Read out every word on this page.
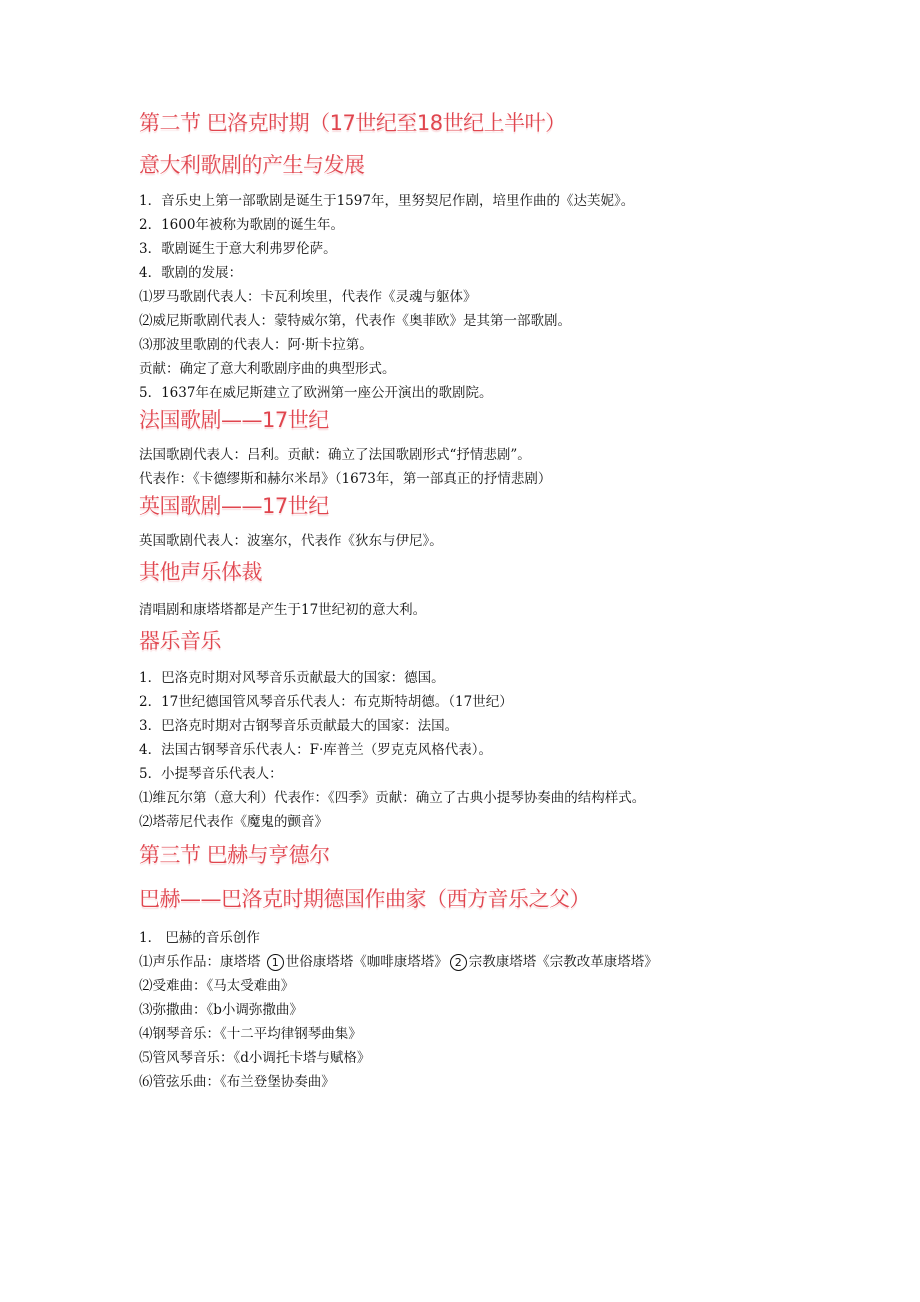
第二节 巴洛克时期（17世纪至18世纪上半叶）
意大利歌剧的产生与发展
1．音乐史上第一部歌剧是诞生于1597年，里努契尼作剧，培里作曲的《达芙妮》。
2．1600年被称为歌剧的诞生年。
3．歌剧诞生于意大利弗罗伦萨。
4．歌剧的发展：
⑴罗马歌剧代表人：卡瓦利埃里，代表作《灵魂与躯体》
⑵威尼斯歌剧代表人：蒙特威尔第，代表作《奥菲欧》是其第一部歌剧。
⑶那波里歌剧的代表人：阿·斯卡拉第。
贡献：确定了意大利歌剧序曲的典型形式。
5．1637年在威尼斯建立了欧洲第一座公开演出的歌剧院。
法国歌剧——17世纪
法国歌剧代表人：吕利。贡献：确立了法国歌剧形式“抒情悲剧”。
代表作：《卡德缪斯和赫尔米昂》（1673年，第一部真正的抒情悲剧）
英国歌剧——17世纪
英国歌剧代表人：波塞尔，代表作《狄东与伊尼》。
其他声乐体裁
清唱剧和康塔塔都是产生于17世纪初的意大利。
器乐音乐
1．巴洛克时期对风琴音乐贡献最大的国家：德国。
2．17世纪德国管风琴音乐代表人：布克斯特胡德。（17世纪）
3．巴洛克时期对古钢琴音乐贡献最大的国家：法国。
4．法国古钢琴音乐代表人：F·库普兰（罗克克风格代表）。
5．小提琴音乐代表人：
⑴维瓦尔第（意大利）代表作：《四季》贡献：确立了古典小提琴协奏曲的结构样式。
⑵塔蒂尼代表作《魔鬼的颤音》
第三节 巴赫与亨德尔
巴赫——巴洛克时期德国作曲家（西方音乐之父）
1． 巴赫的音乐创作
⑴声乐作品：康塔塔 1 世俗康塔塔《咖啡康塔塔》 2 宗教康塔塔《宗教改革康塔塔》
⑵受难曲：《马太受难曲》
⑶弥撒曲：《b小调弥撒曲》
⑷钢琴音乐：《十二平均律钢琴曲集》
⑸管风琴音乐：《d小调托卡塔与赋格》
⑹管弦乐曲：《布兰登堡协奏曲》
